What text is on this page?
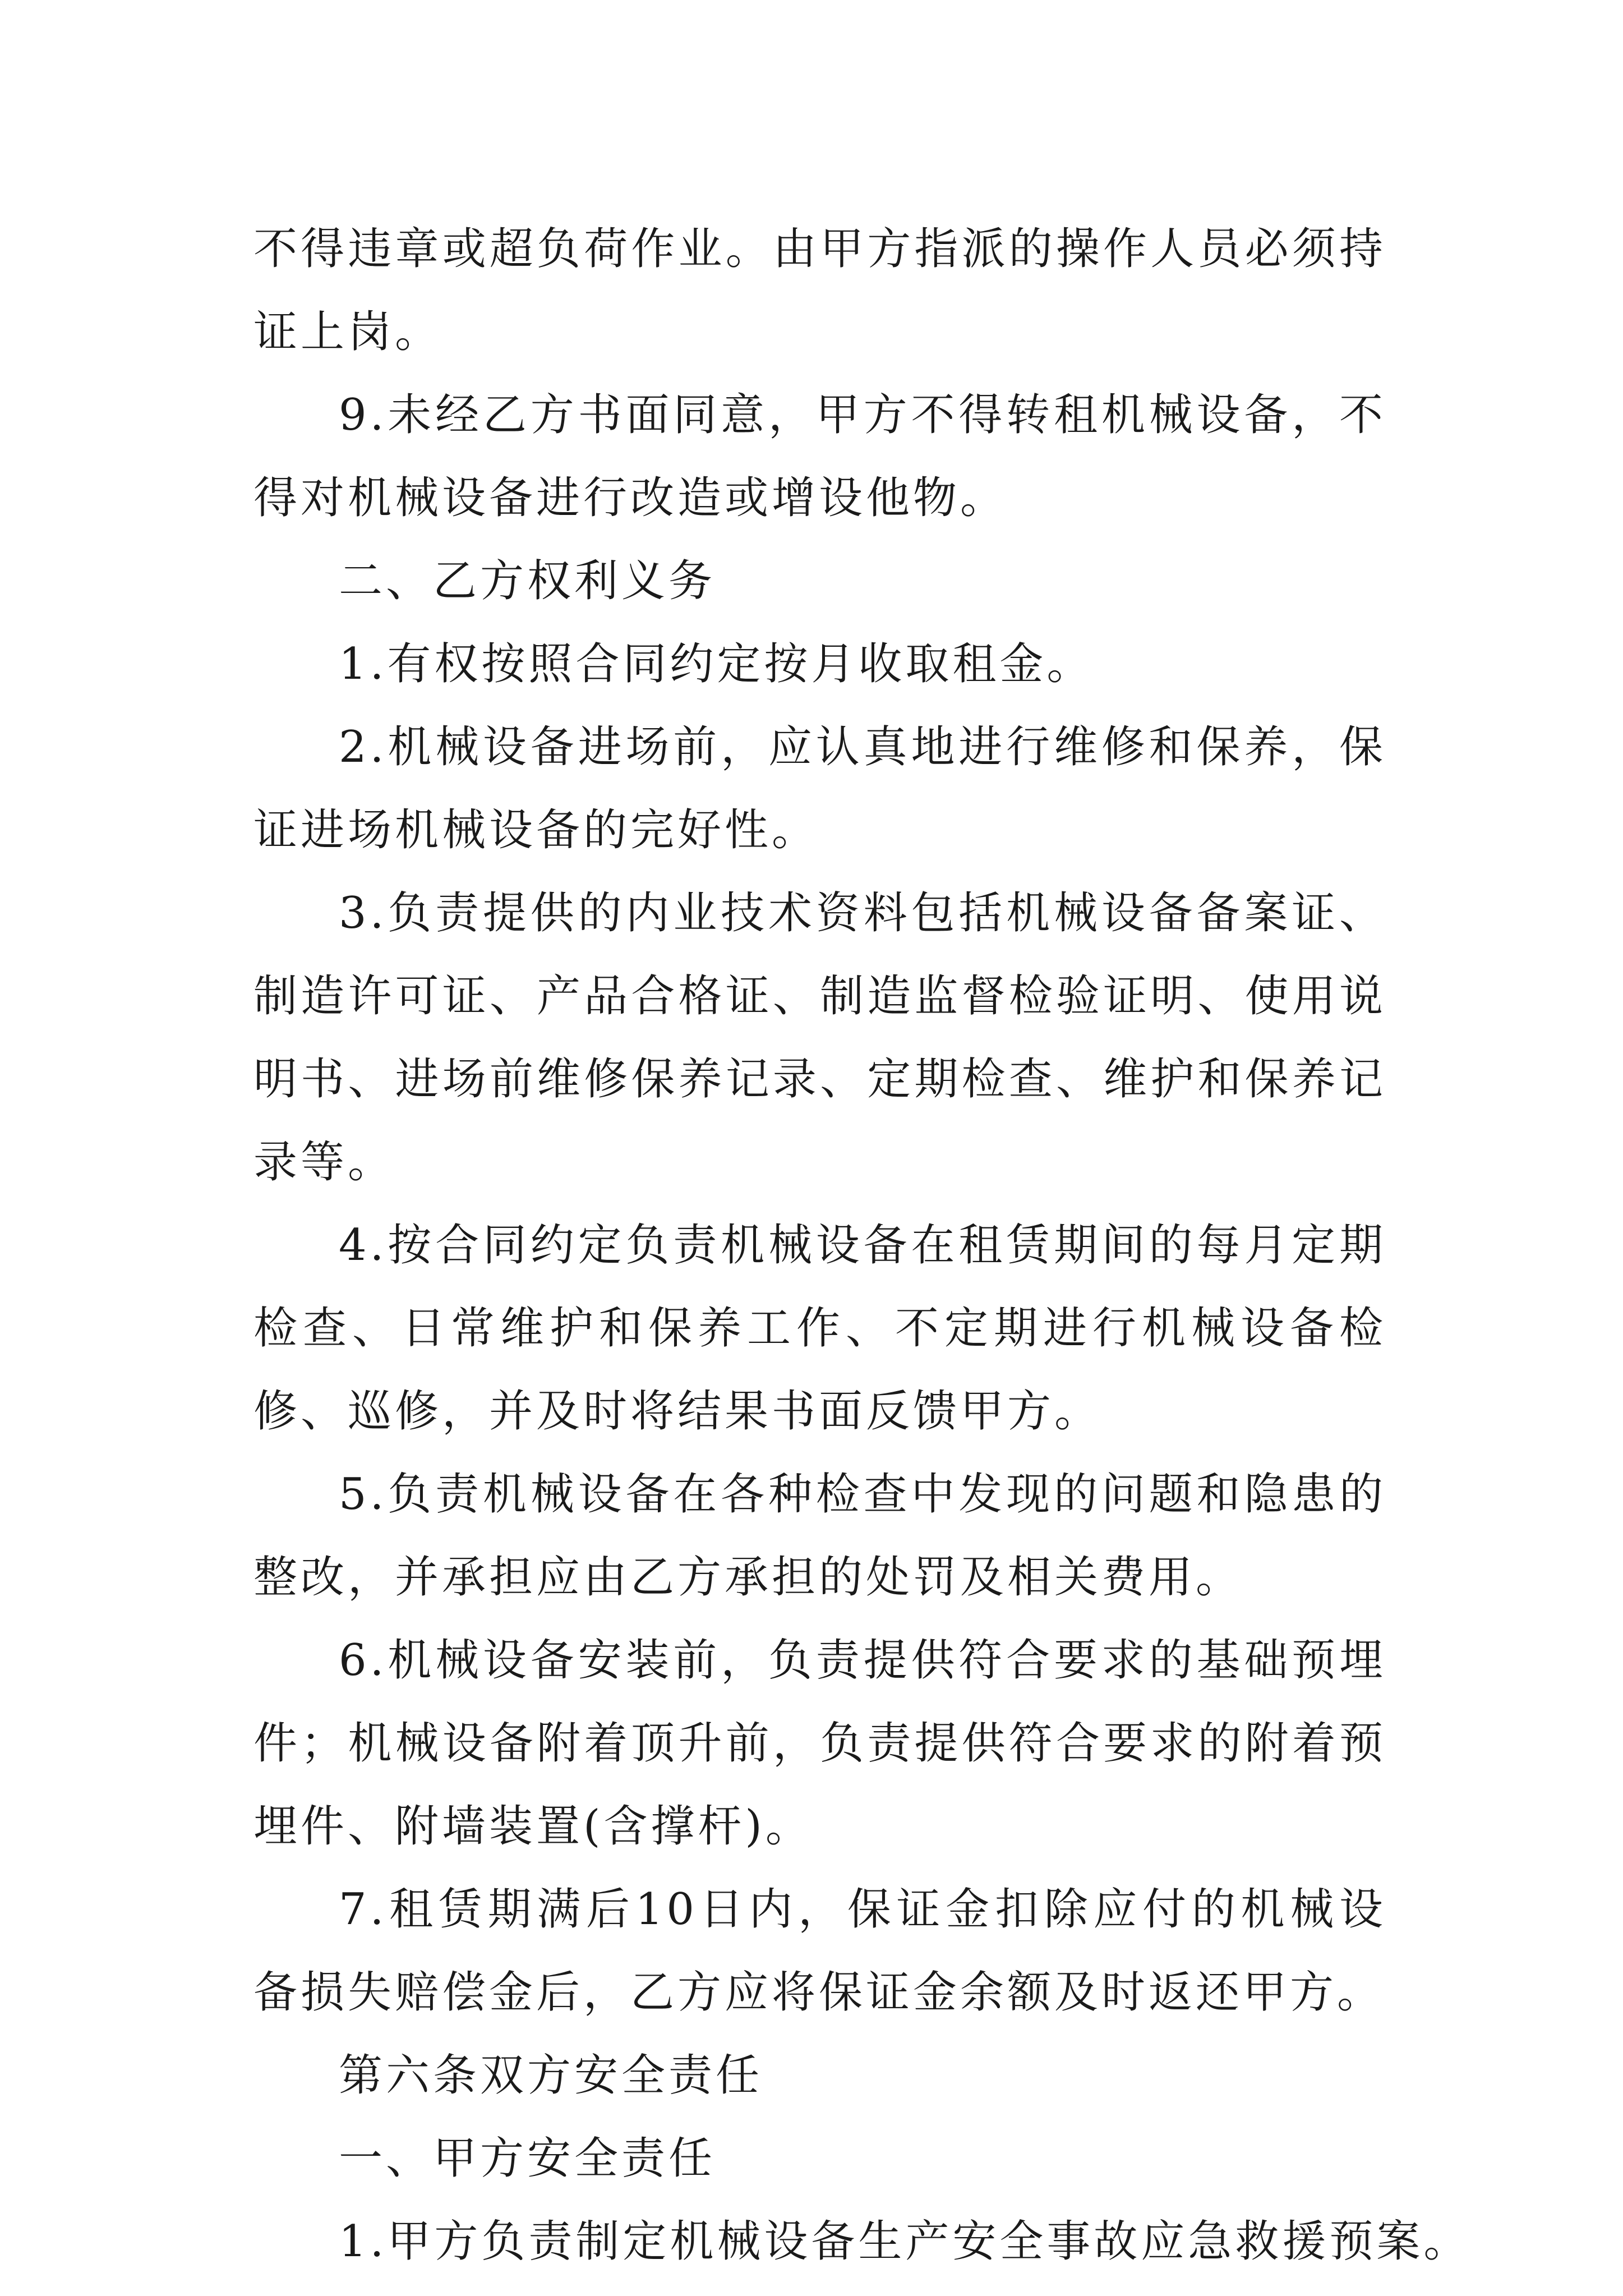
不得违章或超负荷作业。由甲方指派的操作人员必须持证上岗。

9.未经乙方书面同意，甲方不得转租机械设备，不得对机械设备进行改造或增设他物。

二、乙方权利义务

1.有权按照合同约定按月收取租金。

2.机械设备进场前，应认真地进行维修和保养，保证进场机械设备的完好性。

3.负责提供的内业技术资料包括机械设备备案证、制造许可证、产品合格证、制造监督检验证明、使用说明书、进场前维修保养记录、定期检查、维护和保养记录等。

4.按合同约定负责机械设备在租赁期间的每月定期检查、日常维护和保养工作、不定期进行机械设备检修、巡修，并及时将结果书面反馈甲方。

5.负责机械设备在各种检查中发现的问题和隐患的整改，并承担应由乙方承担的处罚及相关费用。

6.机械设备安装前，负责提供符合要求的基础预埋件；机械设备附着顶升前，负责提供符合要求的附着预埋件、附墙装置(含撑杆)。

7.租赁期满后10日内，保证金扣除应付的机械设备损失赔偿金后，乙方应将保证金余额及时返还甲方。

第六条双方安全责任

一、甲方安全责任

1.甲方负责制定机械设备生产安全事故应急救援预案。
